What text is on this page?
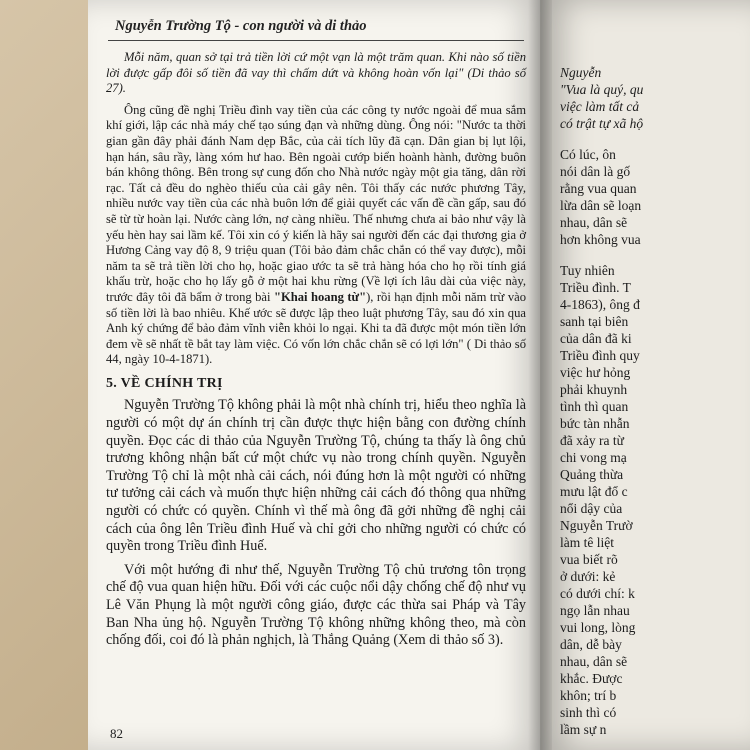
Nguyễn Trường Tộ - con người và di thảo

Mỗi năm, quan sở tại trả tiền lời cứ một vạn là một trăm quan. Khi nào số tiền lời được gấp đôi số tiền đã vay thì chấm dứt và không hoàn vốn lại" (Di thảo số 27).

Ông cũng đề nghị Triều đình vay tiền của các công ty nước ngoài để mua sắm khí giới, lập các nhà máy chế tạo súng đạn và những dùng. Ông nói: "Nước ta thời gian gần đây phải đánh Nam dẹp Bắc, của cải tích lũy đã cạn. Dân gian bị lụt lội, hạn hán, sâu rầy, làng xóm hư hao. Bên ngoài cướp biển hoành hành, đường buôn bán không thông. Bên trong sự cung đốn cho Nhà nước ngày một gia tăng, dân rời rạc. Tất cả đều do nghèo thiếu của cải gây nên. Tôi thấy các nước phương Tây, nhiều nước vay tiền của các nhà buôn lớn để giải quyết các vấn đề cần gấp, sau đó sẽ từ từ hoàn lại. Nước càng lớn, nợ càng nhiều. Thế nhưng chưa ai bảo như vậy là yếu hèn hay sai lầm kế. Tôi xin có ý kiến là hãy sai người đến các đại thương gia ở Hương Cảng vay độ 8, 9 triệu quan (Tôi bảo đảm chắc chắn có thể vay được), mỗi năm ta sẽ trả tiền lời cho họ, hoặc giao ước ta sẽ trả hàng hóa cho họ rồi tính giá khấu trừ, hoặc cho họ lấy gỗ ở một hai khu rừng (Về lợi ích lâu dài của việc này, trước đây tôi đã bẩm ở trong bài "Khai hoang từ"), rồi hạn định mỗi năm trừ vào số tiền lời là bao nhiêu. Khế ước sẽ được lập theo luật phương Tây, sau đó xin qua Anh ký chứng để bảo đảm vĩnh viễn khỏi lo ngại. Khi ta đã được một món tiền lớn đem về sẽ nhất tề bắt tay làm việc. Có vốn lớn chắc chắn sẽ có lợi lớn" ( Di thảo số 44, ngày 10-4-1871).

5. VỀ CHÍNH TRỊ

Nguyễn Trường Tộ không phải là một nhà chính trị, hiểu theo nghĩa là người có một dự án chính trị cần được thực hiện bằng con đường chính quyền. Đọc các di thảo của Nguyễn Trường Tộ, chúng ta thấy là ông chủ trương không nhận bất cứ một chức vụ nào trong chính quyền. Nguyễn Trường Tộ chỉ là một nhà cải cách, nói đúng hơn là một người có những tư tưởng cải cách và muốn thực hiện những cải cách đó thông qua những người có chức có quyền. Chính vì thế mà ông đã gởi những đề nghị cải cách của ông lên Triều đình Huế và chỉ gởi cho những người có chức có quyền trong Triều đình Huế.

Với một hướng đi như thế, Nguyễn Trường Tộ chủ trương tôn trọng chế độ vua quan hiện hữu. Đối với các cuộc nổi dậy chống chế độ như vụ Lê Văn Phụng là một người công giáo, được các thừa sai Pháp và Tây Ban Nha ủng hộ. Nguyễn Trường Tộ không những không theo, mà còn chống đối, coi đó là phản nghịch, là Thắng Quảng (Xem di thảo số 3).

82
Nguyễn
"Vua là quý, qu
việc làm tất cả
có trật tự xã hộ
Có lúc, ôn
nói dân là gố
rằng vua quan
lừa dân sẽ loạn
nhau, dân sẽ
hơn không vua
Tuy nhiên
Triều đình. T
4-1863), ông đ
sanh tại biên
của dân đã ki
Triều đình quy
việc hư hỏng
phải khuynh
tình thì quan
bức tàn nhẫn
đã xảy ra từ
chi vong mạ
Quảng thừa
mưu lật đổ c
nổi dậy của
Nguyễn Trườ
làm tê liệt
vua biết rõ
ở dưới: kẻ
có dưới chí: k
ngọ lẫn nhau
vui long, lòng
dân, dễ bày
nhau, dân sẽ
khắc. Được
khôn; trí b
sinh thì có
lầm sự n
